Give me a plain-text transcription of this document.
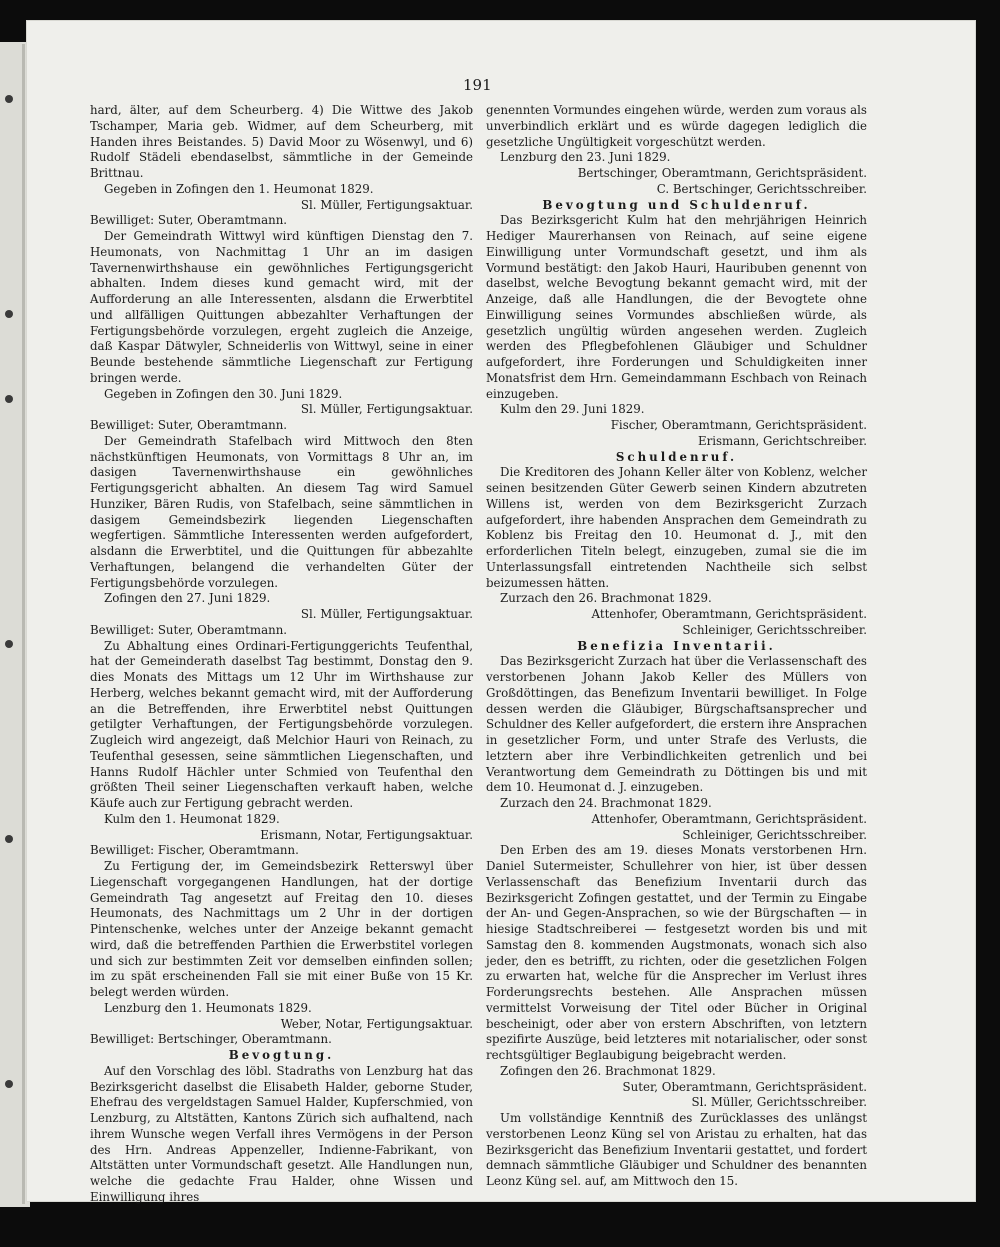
191

hard, älter, auf dem Scheurberg. 4) Die Wittwe des Jakob Tschamper, Maria geb. Widmer, auf dem Scheurberg, mit Handen ihres Beistandes. 5) David Moor zu Wösenwyl, und 6) Rudolf Städeli ebendaselbst, sämmtliche in der Gemeinde Brittnau.

Gegeben in Zofingen den 1. Heumonat 1829.

Sl. Müller, Fertigungsaktuar.

Bewilliget: Suter, Oberamtmann.

Der Gemeindrath Wittwyl wird künftigen Dienstag den 7. Heumonats, von Nachmittag 1 Uhr an im dasigen Tavernenwirthshause ein gewöhnliches Fertigungsgericht abhalten. Indem dieses kund gemacht wird, mit der Aufforderung an alle Interessenten, alsdann die Erwerbtitel und allfälligen Quittungen abbezahlter Verhaftungen der Fertigungsbehörde vorzulegen, ergeht zugleich die Anzeige, daß Kaspar Dätwyler, Schneiderlis von Wittwyl, seine in einer Beunde bestehende sämmtliche Liegenschaft zur Fertigung bringen werde.

Gegeben in Zofingen den 30. Juni 1829.

Sl. Müller, Fertigungsaktuar.

Bewilliget: Suter, Oberamtmann.

Der Gemeindrath Stafelbach wird Mittwoch den 8ten nächstkünftigen Heumonats, von Vormittags 8 Uhr an, im dasigen Tavernenwirthshause ein gewöhnliches Fertigungsgericht abhalten. An diesem Tag wird Samuel Hunziker, Bären Rudis, von Stafelbach, seine sämmtlichen in dasigem Gemeindsbezirk liegenden Liegenschaften wegfertigen. Sämmtliche Interessenten werden aufgefordert, alsdann die Erwerbtitel, und die Quittungen für abbezahlte Verhaftungen, belangend die verhandelten Güter der Fertigungsbehörde vorzulegen.

Zofingen den 27. Juni 1829.

Sl. Müller, Fertigungsaktuar.

Bewilliget: Suter, Oberamtmann.

Zu Abhaltung eines Ordinari-Fertigunggerichts Teufenthal, hat der Gemeinderath daselbst Tag bestimmt, Donstag den 9. dies Monats des Mittags um 12 Uhr im Wirthshause zur Herberg, welches bekannt gemacht wird, mit der Aufforderung an die Betreffenden, ihre Erwerbtitel nebst Quittungen getilgter Verhaftungen, der Fertigungsbehörde vorzulegen. Zugleich wird angezeigt, daß Melchior Hauri von Reinach, zu Teufenthal gesessen, seine sämmtlichen Liegenschaften, und Hanns Rudolf Hächler unter Schmied von Teufenthal den größten Theil seiner Liegenschaften verkauft haben, welche Käufe auch zur Fertigung gebracht werden.

Kulm den 1. Heumonat 1829.

Erismann, Notar, Fertigungsaktuar.

Bewilliget: Fischer, Oberamtmann.

Zu Fertigung der, im Gemeindsbezirk Retterswyl über Liegenschaft vorgegangenen Handlungen, hat der dortige Gemeindrath Tag angesetzt auf Freitag den 10. dieses Heumonats, des Nachmittags um 2 Uhr in der dortigen Pintenschenke, welches unter der Anzeige bekannt gemacht wird, daß die betreffenden Parthien die Erwerbstitel vorlegen und sich zur bestimmten Zeit vor demselben einfinden sollen; im zu spät erscheinenden Fall sie mit einer Buße von 15 Kr. belegt werden würden.

Lenzburg den 1. Heumonats 1829.

Weber, Notar, Fertigungsaktuar.

Bewilliget: Bertschinger, Oberamtmann.

Bevogtung.

Auf den Vorschlag des löbl. Stadraths von Lenzburg hat das Bezirksgericht daselbst die Elisabeth Halder, geborne Studer, Ehefrau des vergeldstagen Samuel Halder, Kupferschmied, von Lenzburg, zu Altstätten, Kantons Zürich sich aufhaltend, nach ihrem Wunsche wegen Verfall ihres Vermögens in der Person des Hrn. Andreas Appenzeller, Indienne-Fabrikant, von Altstätten unter Vormundschaft gesetzt. Alle Handlungen nun, welche die gedachte Frau Halder, ohne Wissen und Einwilligung ihres

genennten Vormundes eingehen würde, werden zum voraus als unverbindlich erklärt und es würde dagegen lediglich die gesetzliche Ungültigkeit vorgeschützt werden.

Lenzburg den 23. Juni 1829.

Bertschinger, Oberamtmann, Gerichtspräsident.

C. Bertschinger, Gerichtsschreiber.

Bevogtung und Schuldenruf.

Das Bezirksgericht Kulm hat den mehrjährigen Heinrich Hediger Maurerhansen von Reinach, auf seine eigene Einwilligung unter Vormundschaft gesetzt, und ihm als Vormund bestätigt: den Jakob Hauri, Hauribuben genennt von daselbst, welche Bevogtung bekannt gemacht wird, mit der Anzeige, daß alle Handlungen, die der Bevogtete ohne Einwilligung seines Vormundes abschließen würde, als gesetzlich ungültig würden angesehen werden. Zugleich werden des Pflegbefohlenen Gläubiger und Schuldner aufgefordert, ihre Forderungen und Schuldigkeiten inner Monatsfrist dem Hrn. Gemeindammann Eschbach von Reinach einzugeben.

Kulm den 29. Juni 1829.

Fischer, Oberamtmann, Gerichtspräsident.

Erismann, Gerichtschreiber.

Schuldenruf.

Die Kreditoren des Johann Keller älter von Koblenz, welcher seinen besitzenden Güter Gewerb seinen Kindern abzutreten Willens ist, werden von dem Bezirksgericht Zurzach aufgefordert, ihre habenden Ansprachen dem Gemeindrath zu Koblenz bis Freitag den 10. Heumonat d. J., mit den erforderlichen Titeln belegt, einzugeben, zumal sie die im Unterlassungsfall eintretenden Nachtheile sich selbst beizumessen hätten.

Zurzach den 26. Brachmonat 1829.

Attenhofer, Oberamtmann, Gerichtspräsident.

Schleiniger, Gerichtsschreiber.

Benefizia Inventarii.

Das Bezirksgericht Zurzach hat über die Verlassenschaft des verstorbenen Johann Jakob Keller des Müllers von Großdöttingen, das Benefizum Inventarii bewilliget. In Folge dessen werden die Gläubiger, Bürgschaftsansprecher und Schuldner des Keller aufgefordert, die erstern ihre Ansprachen in gesetzlicher Form, und unter Strafe des Verlusts, die letztern aber ihre Verbindlichkeiten getrenlich und bei Verantwortung dem Gemeindrath zu Döttingen bis und mit dem 10. Heumonat d. J. einzugeben.

Zurzach den 24. Brachmonat 1829.

Attenhofer, Oberamtmann, Gerichtspräsident.

Schleiniger, Gerichtsschreiber.

Den Erben des am 19. dieses Monats verstorbenen Hrn. Daniel Sutermeister, Schullehrer von hier, ist über dessen Verlassenschaft das Benefizium Inventarii durch das Bezirksgericht Zofingen gestattet, und der Termin zu Eingabe der An- und Gegen-Ansprachen, so wie der Bürgschaften — in hiesige Stadtschreiberei — festgesetzt worden bis und mit Samstag den 8. kommenden Augstmonats, wonach sich also jeder, den es betrifft, zu richten, oder die gesetzlichen Folgen zu erwarten hat, welche für die Ansprecher im Verlust ihres Forderungsrechts bestehen. Alle Ansprachen müssen vermittelst Vorweisung der Titel oder Bücher in Original bescheinigt, oder aber von erstern Abschriften, von letztern spezifirte Auszüge, beid letzteres mit notarialischer, oder sonst rechtsgültiger Beglaubigung beigebracht werden.

Zofingen den 26. Brachmonat 1829.

Suter, Oberamtmann, Gerichtspräsident.

Sl. Müller, Gerichtsschreiber.

Um vollständige Kenntniß des Zurücklasses des unlängst verstorbenen Leonz Küng sel von Aristau zu erhalten, hat das Bezirksgericht das Benefizium Inventarii gestattet, und fordert demnach sämmtliche Gläubiger und Schuldner des benannten Leonz Küng sel. auf, am Mittwoch den 15.
